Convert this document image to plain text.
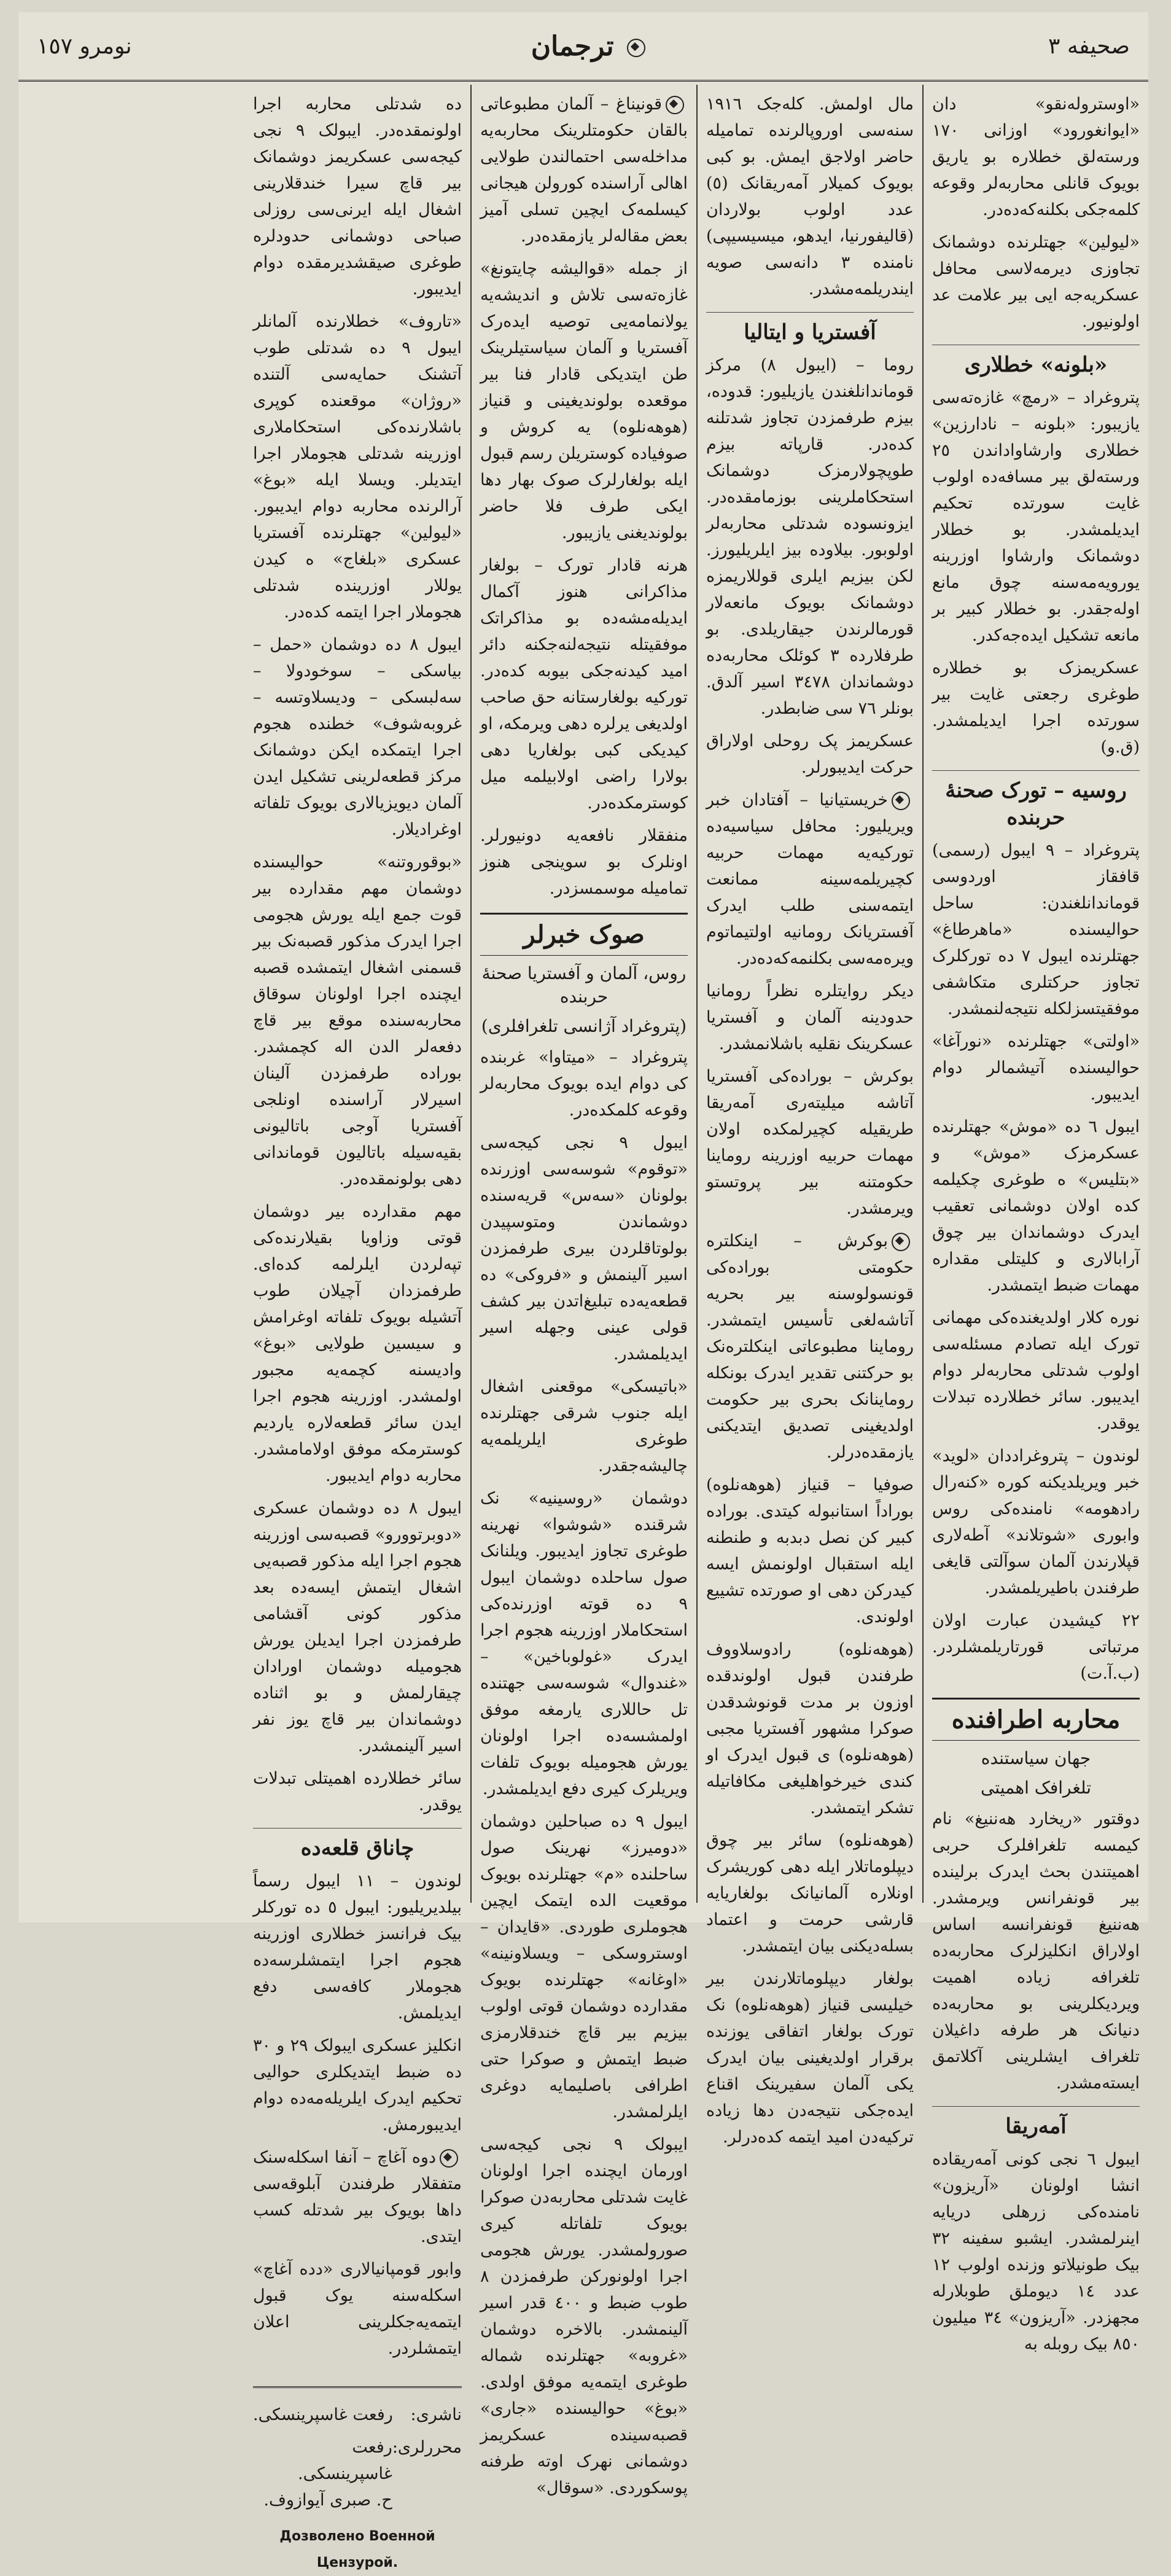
صحیفه ٣
ترجمان
نومرو ١٥٧

«اوستروله‌نقو» دان «ایوانغورود» اوزانی ١٧٠ ورسته‌لق خطلاره بو یاریق بویوک قانلی محاربه‌لر وقوعه کلمه‌جکی بکلنه‌که‌ده‌در.

«لیولین» جهتلرنده دوشمانک تجاوزی دیرمه‌لاسی محافل عسکریه‌جه ایی بیر علامت عد اولونیور.

«بلونه» خطلاری

پتروغراد – «رمچ» غازه‌ته‌سی یازیبور: «بلونه – نادارزین» خطلاری وارشاواداندن ٢٥ ورسته‌لق بیر مسافه‌ده اولوب غایت سورتده تحکیم ایدیلمشدر. بو خطلار دوشمانک وارشاوا اوزرینه یورویه‌مه‌سنه چوق مانع اوله‌جقدر. بو خطلار کبیر بر مانعه تشکیل ایده‌جه‌کدر.

عسکریمزک بو خطلاره طوغری رجعتی غایت بیر سورتده اجرا ایدیلمشدر. (ق.و)

روسیه – تورک صحنهٔ حربنده

پتروغراد – ٩ ایبول (رسمی) قافقاز اوردوسی قوماندانلغندن: ساحل حوالیسنده «ماهرطاغ» جهتلرنده ایبول ٧ ده تورکلرک تجاوز حرکتلری متکاشفی موفقیتسزلکله نتیجه‌لنمشدر.

«اولتی» جهتلرنده «نورآغا» حوالیسنده آتیشمالر دوام ایدیبور.

ایبول ٦ ده «موش» جهتلرنده عسکرمزک «موش» و «بتلیس» ه طوغری چکیلمه کده اولان دوشمانی تعقیب ایدرک دوشماندان بیر چوق آرابالاری و کلیتلی مقداره مهمات ضبط ایتمشدر.

نوره کلار اولدیغنده‌کی مهمانی تورک ایله تصادم مسئله‌سی اولوب شدتلی محاربه‌لر دوام ایدیبور. سائر خطلارده تبدلات یوقدر.

لوندون – پتروغراددان «لوید» خبر ویریلدیکنه کوره «کنه‌رال رادهومه» نامنده‌کی روس وابوری «شوتلاند» آطه‌لاری قپلارندن آلمان سوآلتی قایغی طرفندن باطیریلمشدر.

٢٢ کیشیدن عبارت اولان مرتباتی قورتاریلمشلردر. (ب.آ.ت)

محاربه اطرافنده
جهان سیاستنده
تلغرافک اهمیتی

دوقتور «ریخارد هه‌ننیغ» نام کیمسه تلغرافلرک حربی اهمیتندن بحث ایدرک برلینده بیر قونفرانس ویرمشدر. هه‌ننیغ قونفرانسه اساس اولاراق انکلیزلرک محاربه‌ده تلغرافه زیاده اهمیت ویردیکلرینی بو محاربه‌ده دنیانک هر طرفه داغیلان تلغراف ایشلرینی آکلاتمق ایسته‌مشدر.

آمه‌ریقا

ایبول ٦ نجی کونی آمه‌ریقاده انشا اولونان «آریزون» نامنده‌کی زرهلی دریایه اینرلمشدر. ایشبو سفینه ٣٢ بیک طونیلاتو وزنده اولوب ١٢ عدد ١٤ دیوملق طوبلارله مجهزدر. «آریزون» ٣٤ میلیون ٨٥٠ بیک روبله به

مال اولمش. کله‌جک ١٩١٦ سنه‌سی اوروپالرنده تمامیله حاضر اولاجق ایمش. بو کبی بویوک کمیلار آمه‌ریقانک (٥) عدد اولوب بولاردان (قالیفورنیا، ایدهو، میسیسیپی) نامنده ٣ دانه‌سی صویه ایندریلمه‌مشدر.

آفستریا و ایتالیا

روما – (ایبول ٨) مرکز قوماندانلغندن یازیلیور: قدوده، بیزم طرفمزدن تجاوز شدتلنه کده‌در. قارپاته بیزم طوپچولارمزک دوشمانک استحکاملرینی بوزمامقده‌در. ایزونسوده شدتلی محاربه‌لر اولوبور. بیلاوده بیز ایلریلیورز. لکن بیزیم ایلری قوللاریمزه دوشمانک بویوک مانعه‌لار قورمالرندن جیقاریلدی. بو طرفلارده ٣ کوئلک محاربه‌ده دوشماندان ٣٤٧٨ اسیر آلدق. بونلر ٧٦ سی ضابطدر.

عسکریمز پک روحلی اولاراق حرکت ایدیبورلر.

خریستیانیا – آفتادان خبر ویریلیور: محافل سیاسیه‌ده تورکیه‌یه مهمات حربیه کچیریلمه‌سینه ممانعت ایتمه‌سنی طلب ایدرک آفستریانک رومانیه اولتیماتوم ویره‌مه‌سی بکلنمه‌که‌ده‌در.

دیکر روایتلره نظراً رومانیا حدودینه آلمان و آفستریا عسکرینک نقلیه باشلانمشدر.

بوکرش – بوراده‌کی آفستریا آتاشه میلیته‌ری آمه‌ریقا طریقیله کچیرلمکده اولان مهمات حربیه اوزرینه روماینا حکومتنه بیر پروتستو ویرمشدر.

بوکرش – اینکلتره حکومتی بوراده‌کی قونسولوسنه بیر بحریه آتاشه‌لغی تأسیس ایتمشدر. روماینا مطبوعاتی اینکلتره‌نک بو حرکتنی تقدیر ایدرک بونکله روماینانک بحری بیر حکومت اولدیغینی تصدیق ایتدیکنی یازمقده‌درلر.

صوفیا – قنیاز (هوهه‌نلوه) بوراداً استانبوله کیتدی. بوراده کبیر کن نصل دبدبه و طنطنه ایله استقبال اولونمش ایسه کیدرکن دهی او صورتده تشییع اولوندی.

(هوهه‌نلوه) رادوسلاووف طرفندن قبول اولوندقده اوزون بر مدت قونوشدقدن صوکرا مشهور آفستریا مجبی (هوهه‌نلوه) ی قبول ایدرک او کندی خیرخواهلیغی مکافاتیله تشکر ایتمشدر.

(هوهه‌نلوه) سائر بیر چوق دیپلوماتلار ایله دهی کوریشرک اونلاره آلمانیانک بولغاریایه قارشی حرمت و اعتماد بسله‌دیکنی بیان ایتمشدر.

بولغار دیپلوماتلارندن بیر خیلیسی قنیاز (هوهه‌نلوه) نک تورک بولغار اتفاقی یوزنده برقرار اولدیغینی بیان ایدرک یکی آلمان سفیرینک اقناع ایده‌جکی نتیجه‌دن دها زیاده ترکیه‌دن امید ایتمه کده‌درلر.

قونیناغ – آلمان مطبوعاتی بالقان حکومتلرینک محاربه‌یه مداخله‌سی احتمالندن طولایی اهالی آرا‌سنده کورولن هیجانی کیسلمه‌ک ایچین تسلی آمیز بعض مقاله‌لر یازمقده‌در.

از جمله «قوالیشه چایتونغ» غازه‌ته‌سی تلاش و اندیشه‌یه یولانمامه‌یی توصیه ایده‌رک آفستریا و آلمان سیاستیلرینک طن ایتدیکی قادار فنا بیر موقعده بولوندیغینی و قنیاز (هوهه‌نلوه) یه کروش و صوفیاده کوستریلن رسم قبول ایله بولغارلرک صوک بهار دها ایکی طرف فلا حاضر بولوندیغنی یازیبور.

هرنه قادار تورک – بولغار مذاکرانی هنوز آکمال ایدیله‌مشه‌ده بو مذاکراتک موفقیتله نتیجه‌لنه‌جکنه دائر امید کیدنه‌جکی بیوبه کده‌در. تورکیه بولغارستانه حق صاحب اولدیغی یرلره دهی ویرمکه، او کیدیکی کبی بولغاریا دهی بولارا راضی اولابیلمه میل کوسترمکده‌در.

منفقلار نافعه‌یه دونیورلر. اونلرک بو سوینجی هنوز تمامیله موسمسزدر.

صوک خبرلر
روس، آلمان و آفستریا صحنهٔ حربنده
(پتروغراد آژانسی تلغرافلری)

پتروغراد – «میتاوا» غربنده کی دوام ایده بویوک محاربه‌لر وقوعه کلمکده‌در.

ایبول ٩ نجی کیجه‌سی «توقوم» شوسه‌سی اوزرنده بولونان «سه‌س» قریه‌سنده دوشماندن ومتوسپیدن بولوتاقلردن بیری طرفمزدن اسیر آلینمش و «فروکی» ده قطعه‌یه‌ده تبلیغ‌اتدن بیر کشف قولی عینی وجهله اسیر ایدیلمشدر.

«باتیسکی» موقعنی اشغال ایله جنوب شرقی جهتلرنده طوغری ایلریلمه‌یه چالیشه‌جقدر.

دوشمان «روسینیه» نک شرقنده «شوشوا» نهرینه طوغری تجاوز ایدیبور. ویلنانک صول ساحلده دوشمان ایبول ٩ ده قوته اوزرنده‌کی استحکاملار اوزرینه هجوم اجرا ایدرک «غولوباخین» – «غندوال» شوسه‌سی جهتنده تل حاللاری یارمغه موفق اولمشسه‌ده اجرا اولونان یورش هجومیله بویوک تلفات ویریلرک کیری دفع ایدیلمشدر.

ایبول ٩ ده صباحلین دوشمان «دومیرز» نهرینک صول ساحلنده «م» جهتلرنده بویوک موقعیت الده ایتمک ایچین هجوملری طوردی. «قایدان – اوستروسکی – ویسلاونینه» «اوغانه» جهتلرنده بویوک مقدارده دوشمان قوتی اولوب بیزیم بیر قاچ خندقلارمزی ضبط ایتمش و صوکرا حتی اطرافی باصلیمایه دوغری ایلرلمشدر.

ایبولک ٩ نجی کیجه‌سی اورمان ایچنده اجرا اولونان غایت شدتلی محاربه‌دن صوکرا بویوک تلفاتله کیری صورولمشدر. یورش هجومی اجرا اولونورکن طرفمزدن ٨ طوب ضبط و ٤٠٠ قدر اسیر آلینمشدر. بالاخره دوشمان «غروبه» جهتلرنده شماله طوغری ایتمه‌یه موفق اولدی. «بوغ» حوالیسنده «جاری» قصبه‌سینده عسکریمز دوشمانی نهرک اوته طرفنه پوسکوردی. «سوقال»

ده شدتلی محاربه اجرا اولونمقده‌در. ایبولک ٩ نجی کیجه‌سی عسکریمز دوشمانک بیر قاچ سیرا خندقلارینی اشغال ایله ایرنی‌سی روزلی صباحی دوشمانی حدودلره طوغری صیقشدیرمقده دوام ایدیبور.

«تاروف» خطلارنده آلمانلر ایبول ٩ ده شدتلی طوب آتشنک حمایه‌سی آلتنده «روژان» موقعنده کوپری باشلارنده‌کی استحکاملاری اوزرینه شدتلی هجوملار اجرا ایتدیلر. ویسلا ایله «بوغ» آرالرنده محاربه دوام ایدیبور. «لیولین» جهتلرنده آفستریا عسکری «بلغاج» ه کیدن یوللار اوزرینده شدتلی هجوملار اجرا ایتمه کده‌در.

ایبول ٨ ده دوشمان «حمل – بیاسکی – سوخودولا – سه‌لبسکی – ودیسلاوتسه – غروبه‌شوف» خطنده هجوم اجرا ایتمکده ایکن دوشمانک مرکز قطعه‌لرینی تشکیل ایدن آلمان دیویزیالاری بویوک تلفاته اوغرادیلار.

«بوقوروتنه» حوالیسنده دوشمان مهم مقدارده بیر قوت جمع ایله یورش هجومی اجرا ایدرک مذکور قصبه‌نک بیر قسمنی اشغال ایتمشده قصبه ایچنده اجرا اولونان سوقاق محاربه‌سنده موقع بیر قاچ دفعه‌لر الدن اله کچمشدر. بوراده طرفمزدن آلینان اسیرلار آراسنده اونلجی آفستریا آوجی باتالیونی بقیه‌سیله باتالیون قوماندانی دهی بولونمقده‌در.

مهم مقدارده بیر دوشمان قوتی وزاویا بقیلارنده‌کی تپه‌لردن ایلرلمه کده‌ای. طرفمزدان آچیلان طوب آتشیله بویوک تلفاته اوغرامش و سیسین طولایی «بوغ» وادیسنه کچمه‌یه مجبور اولمشدر. اوزرینه هجوم اجرا ایدن سائر قطعه‌لاره یاردیم کوسترمکه موفق اولامامشدر. محاربه دوام ایدیبور.

ایبول ٨ ده دوشمان عسکری «دوبرتوورو» قصبه‌سی اوزرینه هجوم اجرا ایله مذکور قصبه‌یی اشغال ایتمش ایسه‌ده بعد مذکور کونی آقشامی طرفمزدن اجرا ایدیلن یورش هجومیله دوشمان اورادان چیقارلمش و بو اثناده دوشماندان بیر قاچ یوز نفر اسیر آلینمشدر.

سائر خطلارده اهمیتلی تبدلات یوقدر.

چاناق قلعه‌ده

لوندون – ١١ ایبول رسماً بیلدیریلیور: ایبول ٥ ده تورکلر بیک فرانسز خطلاری اوزرینه هجوم اجرا ایتمشلرسه‌ده هجوملار کافه‌سی دفع ایدیلمش.

انکلیز عسکری ایبولک ٢٩ و ٣٠ ده ضبط ایتدیکلری حوالیی تحکیم ایدرک ایلریله‌مه‌ده دوام ایدیبورمش.

دوه آغاچ – آنفا اسکله‌سنک متفقلار طرفندن آبلوقه‌سی داها بویوک بیر شدتله کسب ایتدی.

وابور قومپانیالاری «دده آغاچ» اسکله‌سنه یوک قبول ایتمه‌یه‌جکلرینی اعلان ایتمشلردر.

ناشری:
رفعت غاسپرینسکی.
محررلری:
رفعت غاسپرینسکی.
ح. صبری آیوازوف.
Дозволено Военной Цензурой.
